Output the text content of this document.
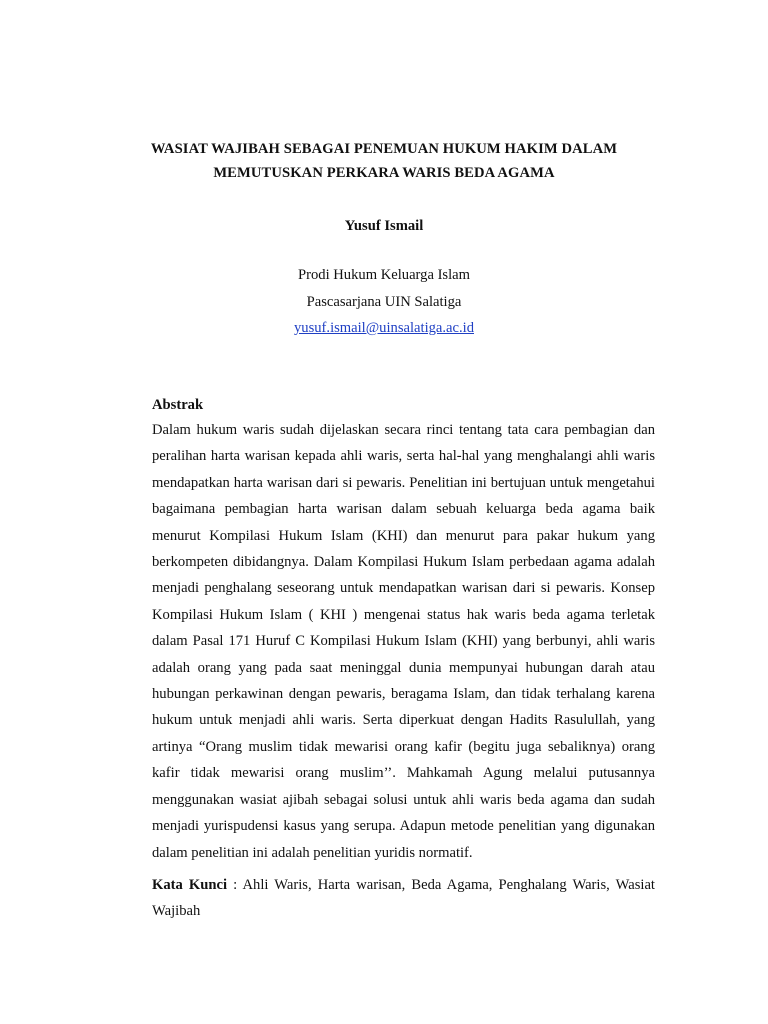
WASIAT WAJIBAH SEBAGAI PENEMUAN HUKUM HAKIM DALAM
MEMUTUSKAN PERKARA WARIS BEDA AGAMA
Yusuf Ismail
Prodi Hukum Keluarga Islam
Pascasarjana UIN Salatiga
yusuf.ismail@uinsalatiga.ac.id
Abstrak

Dalam hukum waris sudah dijelaskan secara rinci tentang tata cara pembagian dan peralihan harta warisan kepada ahli waris, serta hal-hal yang menghalangi ahli waris mendapatkan harta warisan dari si pewaris. Penelitian ini bertujuan untuk mengetahui bagaimana pembagian harta warisan dalam sebuah keluarga beda agama baik menurut Kompilasi Hukum Islam (KHI) dan menurut para pakar hukum yang berkompeten dibidangnya. Dalam Kompilasi Hukum Islam perbedaan agama adalah menjadi penghalang seseorang untuk mendapatkan warisan dari si pewaris. Konsep Kompilasi Hukum Islam ( KHI ) mengenai status hak waris beda agama terletak dalam Pasal 171 Huruf C Kompilasi Hukum Islam (KHI) yang berbunyi, ahli waris adalah orang yang pada saat meninggal dunia mempunyai hubungan darah atau hubungan perkawinan dengan pewaris, beragama Islam, dan tidak terhalang karena hukum untuk menjadi ahli waris. Serta diperkuat dengan Hadits Rasulullah, yang artinya “Orang muslim tidak mewarisi orang kafir (begitu juga sebaliknya) orang kafir tidak mewarisi orang muslim’’. Mahkamah Agung melalui putusannya menggunakan wasiat ajibah sebagai solusi untuk ahli waris beda agama dan sudah menjadi yurispudensi kasus yang serupa. Adapun metode penelitian yang digunakan dalam penelitian ini adalah penelitian yuridis normatif.

Kata Kunci : Ahli Waris, Harta warisan, Beda Agama, Penghalang Waris, Wasiat Wajibah
